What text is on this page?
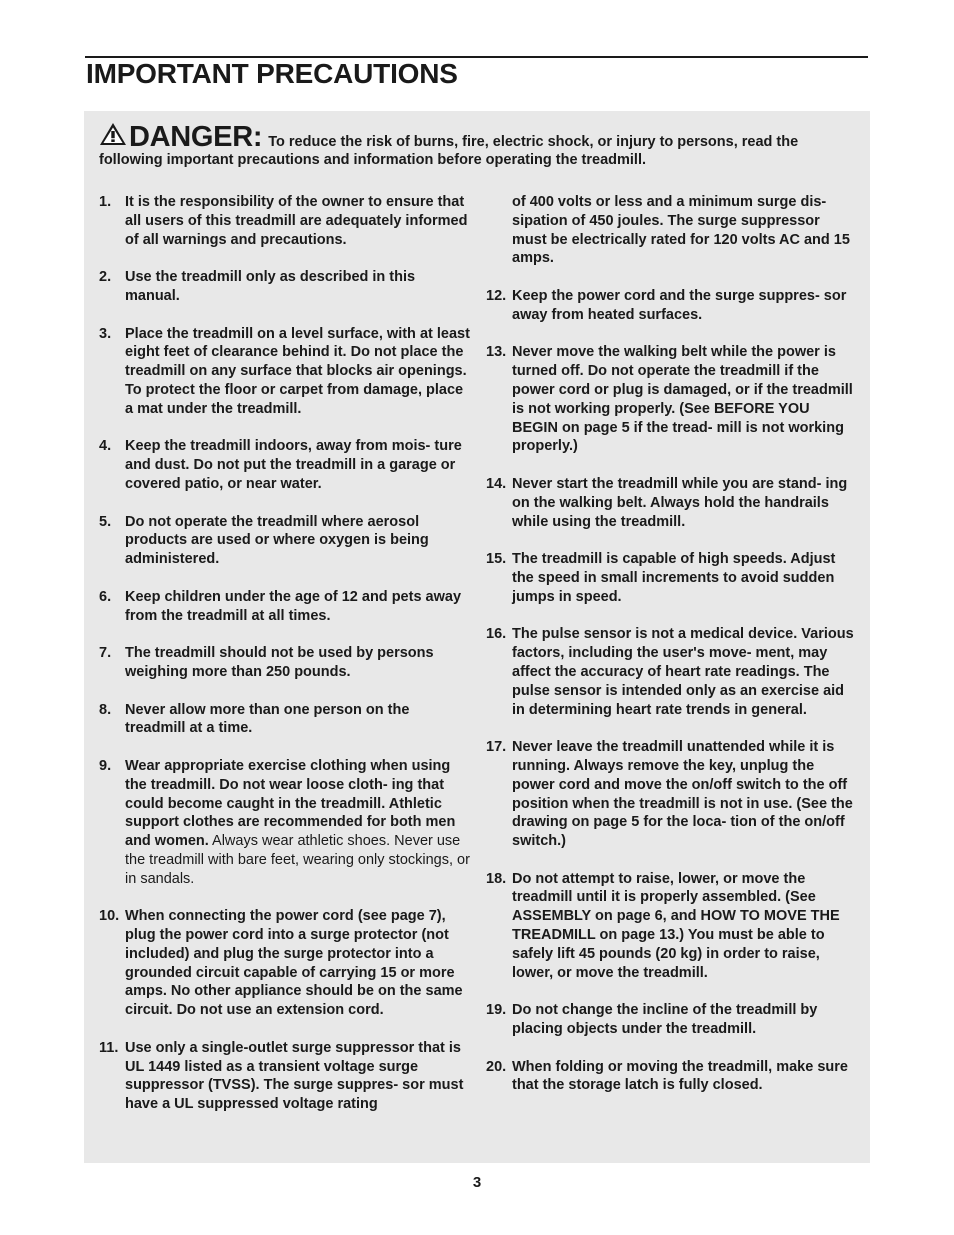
IMPORTANT PRECAUTIONS
DANGER: To reduce the risk of burns, fire, electric shock, or injury to persons, read the
following important precautions and information before operating the treadmill.
1. It is the responsibility of the owner to ensure that all users of this treadmill are adequately informed of all warnings and precautions.
2. Use the treadmill only as described in this manual.
3. Place the treadmill on a level surface, with at least eight feet of clearance behind it. Do not place the treadmill on any surface that blocks air openings. To protect the floor or carpet from damage, place a mat under the treadmill.
4. Keep the treadmill indoors, away from mois- ture and dust. Do not put the treadmill in a garage or covered patio, or near water.
5. Do not operate the treadmill where aerosol products are used or where oxygen is being administered.
6. Keep children under the age of 12 and pets away from the treadmill at all times.
7. The treadmill should not be used by persons weighing more than 250 pounds.
8. Never allow more than one person on the treadmill at a time.
9. Wear appropriate exercise clothing when using the treadmill. Do not wear loose cloth- ing that could become caught in the treadmill. Athletic support clothes are recommended for both men and women. Always wear athletic shoes. Never use the treadmill with bare feet, wearing only stockings, or in sandals.
10. When connecting the power cord (see page 7), plug the power cord into a surge protector (not included) and plug the surge protector into a grounded circuit capable of carrying 15 or more amps. No other appliance should be on the same circuit. Do not use an extension cord.
11. Use only a single-outlet surge suppressor that is UL 1449 listed as a transient voltage surge suppressor (TVSS). The surge suppres- sor must have a UL suppressed voltage rating
of 400 volts or less and a minimum surge dis- sipation of 450 joules. The surge suppressor must be electrically rated for 120 volts AC and 15 amps.
12. Keep the power cord and the surge suppres- sor away from heated surfaces.
13. Never move the walking belt while the power is turned off. Do not operate the treadmill if the power cord or plug is damaged, or if the treadmill is not working properly. (See BEFORE YOU BEGIN on page 5 if the tread- mill is not working properly.)
14. Never start the treadmill while you are stand- ing on the walking belt. Always hold the handrails while using the treadmill.
15. The treadmill is capable of high speeds. Adjust the speed in small increments to avoid sudden jumps in speed.
16. The pulse sensor is not a medical device. Various factors, including the user's move- ment, may affect the accuracy of heart rate readings. The pulse sensor is intended only as an exercise aid in determining heart rate trends in general.
17. Never leave the treadmill unattended while it is running. Always remove the key, unplug the power cord and move the on/off switch to the off position when the treadmill is not in use. (See the drawing on page 5 for the loca- tion of the on/off switch.)
18. Do not attempt to raise, lower, or move the treadmill until it is properly assembled. (See ASSEMBLY on page 6, and HOW TO MOVE THE TREADMILL on page 13.) You must be able to safely lift 45 pounds (20 kg) in order to raise, lower, or move the treadmill.
19. Do not change the incline of the treadmill by placing objects under the treadmill.
20. When folding or moving the treadmill, make sure that the storage latch is fully closed.
3
